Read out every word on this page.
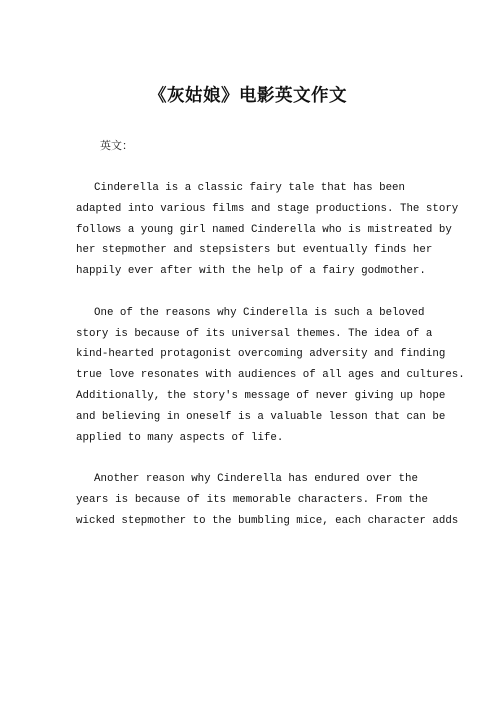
《灰姑娘》电影英文作文
英文：

Cinderella is a classic fairy tale that has been
adapted into various films and stage productions. The story
follows a young girl named Cinderella who is mistreated by
her stepmother and stepsisters but eventually finds her
happily ever after with the help of a fairy godmother.

One of the reasons why Cinderella is such a beloved
story is because of its universal themes. The idea of a
kind-hearted protagonist overcoming adversity and finding
true love resonates with audiences of all ages and cultures.
Additionally, the story's message of never giving up hope
and believing in oneself is a valuable lesson that can be
applied to many aspects of life.

Another reason why Cinderella has endured over the
years is because of its memorable characters. From the
wicked stepmother to the bumbling mice, each character adds
